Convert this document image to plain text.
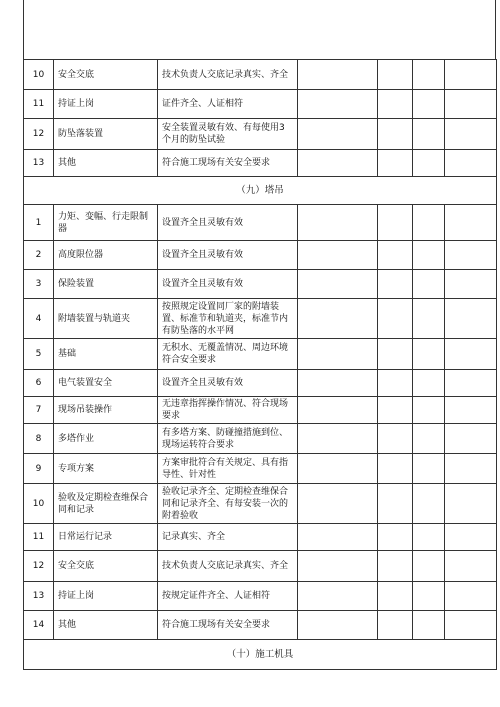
10	安全交底	技术负责人交底记录真实、齐全				
11	持证上岗	证件齐全、人证相符				
12	防坠落装置	安全装置灵敏有效、有每使用3个月的防坠试验				
13	其他	符合施工现场有关安全要求				
（九）塔吊						
1	力矩、变幅、行走限制器	设置齐全且灵敏有效				
2	高度限位器	设置齐全且灵敏有效				
3	保险装置	设置齐全且灵敏有效				
4	附墙装置与轨道夹	按照规定设置同厂家的附墙装置、标准节和轨道夹，标准节内有防坠落的水平网				
5	基础	无积水、无覆盖情况、周边环境符合安全要求				
6	电气装置安全	设置齐全且灵敏有效				
7	现场吊装操作	无违章指挥操作情况、符合现场要求				
8	多塔作业	有多塔方案、防碰撞措施到位、现场运转符合要求				
9	专项方案	方案审批符合有关规定、具有指导性、针对性				
10	验收及定期检查维保合同和记录	验收记录齐全、定期检查维保合同和记录齐全、有每安装一次的附着验收				
11	日常运行记录	记录真实、齐全				
12	安全交底	技术负责人交底记录真实、齐全				
13	持证上岗	按规定证件齐全、人证相符				
14	其他	符合施工现场有关安全要求				
（十）施工机具						
